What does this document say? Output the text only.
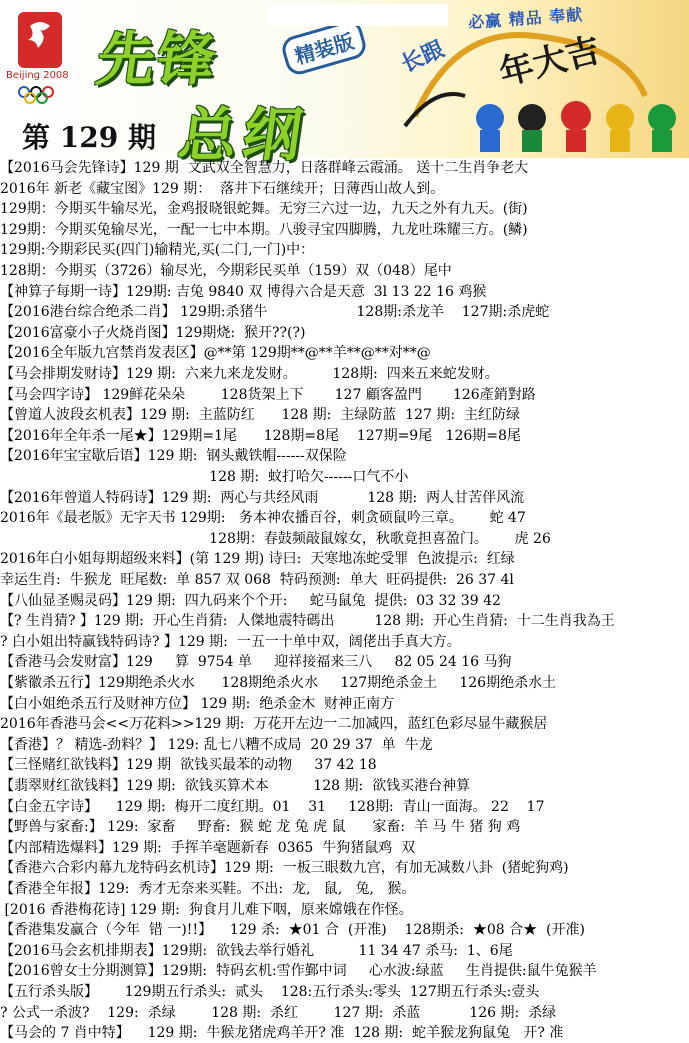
Beijing 2008 先锋
总纲
精装版
第 129 期
必赢 精品 奉献
长跟 年大吉
【2016马会先锋诗】129 期  文武双全智慧力，日落群峰云霞涌。 送十二生肖争老大
2016年 新老《藏宝图》129 期：  落井下石继续开；日薄西山故人到。
129期：今期买牛输尽光，金鸡报晓银蛇舞。无穷三六过一边，九天之外有九天。(街)
129期：今期买兔输尽光，一配一七中本期。八骏寻宝四脚腾，九龙吐珠耀三方。(鳞)
129期:今期彩民买(四门)输精光,买(二门,一门)中：
128期：今期买（3726）输尽光，今期彩民买单（159）双（048）尾中
【神算子每期一诗】129期: 吉兔 9840 双 博得六合是天意  3l 13 22 16 鸡猴
【2016港台综合绝杀二肖】 129期:杀猪牛                    128期:杀龙羊    127期:杀虎蛇
【2016富豪小子火烧肖图】129期烧:  猴开??(?)
【2016全年版九宫禁肖发表区】@**第 129期**@**羊**@**对**@
【马会排期发财诗】129 期:  六来九来龙发财。        128期:  四来五来蛇发财。
【马会四字诗】 129鲜花朵朵        128货架上下       127 顧客盈門       126產銷對路
【曾道人波段玄机表】129 期:  主蓝防红      128 期:  主绿防蓝  127 期:  主红防绿
【2016年全年杀一尾★】129期=1尾      128期=8尾    127期=9尾   126期=8尾
【2016年宝宝歇后语】129 期:  钢头戴铁帽------双保险
128 期:  蚊打哈欠------口气不小
【2016年曾道人特码诗】129 期:  两心与共经风雨           128 期:  两人甘苦伴风流
2016年《最老版》无字天书 129期:   务本神农播百谷，刺贪硕鼠吟三章。      蛇 47
128期：春鼓频敲鼠嫁女，秋歌竟担喜盈门。      虎 26
2016年白小姐每期超级来料】(第 129 期) 诗曰:  天寒地冻蛇受罪  色波提示:  红绿
幸运生肖:  牛猴龙  旺尾数:  单 857 双 068  特码预测:  单大  旺码提供:  26 37 4l
【八仙显圣赐灵码】129 期:  四九码来个个开:     蛇马鼠兔  提供:  03 32 39 42
【? 生肖猜? 】129 期:  开心生肖猜:  人傑地震特碼出         128 期:  开心生肖猜:  十二生肖我為王
? 白小姐出特赢钱特码诗? 】129 期:  一五一十单中双，阔佬出手真大方。
【香港马会发财富】129     算  9754 单     迎祥接福来三八     82 05 24 16 马狗
【紫徽杀五行】129期绝杀火水      128期绝杀火水     127期绝杀金土     126期绝杀水土
【白小姐绝杀五行及财神方位】 129 期:  绝杀金木  财神正南方
2016年香港马会<<万花料>>129 期:  万花开左边一二加减四，蓝红色彩尽显牛藏猴居
【香港】？ 精选-劲料？】 129: 乱七八糟不成局  20 29 37  单  牛龙
【三怪赌红欲钱料】129 期  欲钱买最苯的动物     37 42 18
【翡翠财红欲钱料】129 期:  欲钱买算术本          128 期:  欲钱买港台神算
【白金五字诗】    129 期:  梅开二度红期。01    31     128期:  青山一面海。 22    17
【野兽与家畜:】 129:  家畜     野畜:  猴 蛇 龙 兔 虎 鼠      家畜:  羊 马 牛 猪 狗 鸡
【内部精选爆料】129 期:  手挥羊毫题新春  0365  牛狗猪鼠鸡  双
【香港六合彩内幕九龙特码玄机诗】129 期:  一板三眼数九宫，有加无减数八卦  (猪蛇狗鸡)
【香港全年报】129:  秀才无奈来买鞋。不出:  龙,   鼠,   兔,   猴。
[2016 香港梅花诗] 129 期:  狗食月儿难下咽，原来嫦娥在作怪。
【香港集发赢合（今年  错 一)!!】    129 杀:  ★01 合  (开准)    128期杀:  ★08 合★  (开准)
【2016马会玄机排期表】129期:  欲钱去举行婚礼          11 34 47 杀马:  1、6尾
【2016曾女士分期测算】129期:  特码玄机:雪作鄞中词     心水波:绿蓝     生肖提供:鼠牛兔猴羊
【五行杀头版】      129期五行杀头:  贰头    128:五行杀头:零头  127期五行杀头:壹头
? 公式一杀波?    129:  杀绿        128 期:  杀红        127 期:  杀蓝           126 期:  杀绿
【马会的 7 肖中特】    129 期:  牛猴龙猪虎鸡羊开? 准  128 期:  蛇羊猴龙狗鼠兔   开? 准
